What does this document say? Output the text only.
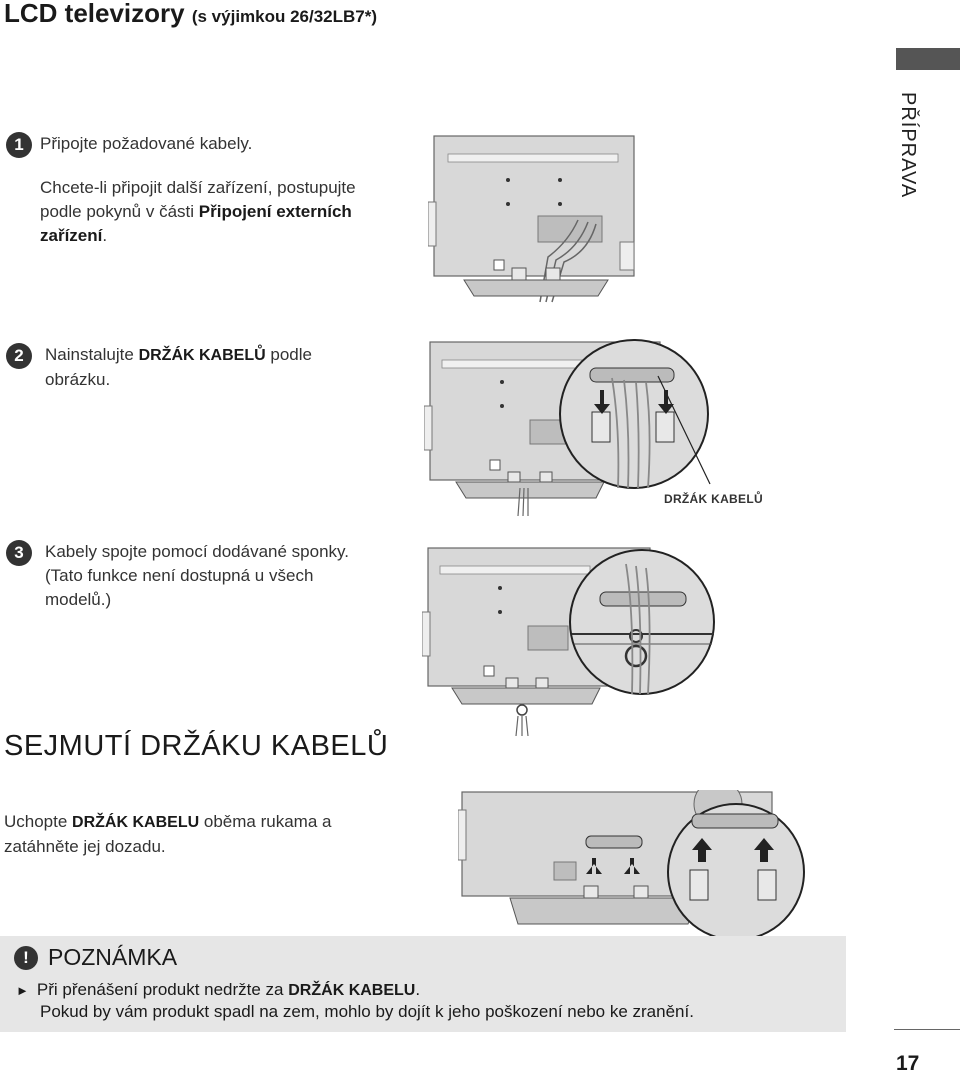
LCD televizory (s výjimkou 26/32LB7*)
PŘÍPRAVA
1 Připojte požadované kabely.
Chcete-li připojit další zařízení, postupujte
podle pokynů v části Připojení externích
zařízení.
2	Nainstalujte DRŽÁK KABELŮ podle
obrázku.
DRŽÁK KABELŮ
3	Kabely spojte pomocí dodávané sponky.
(Tato funkce není dostupná u všech
modelů.)
SEJMUTÍ DRŽÁKU KABELŮ
Uchopte DRŽÁK KABELU oběma rukama a
zatáhněte jej dozadu.
! POZNÁMKA
► Při přenášení produkt nedržte za DRŽÁK KABELU.
Pokud by vám produkt spadl na zem, mohlo by dojít k jeho poškození nebo ke zranění.
17
